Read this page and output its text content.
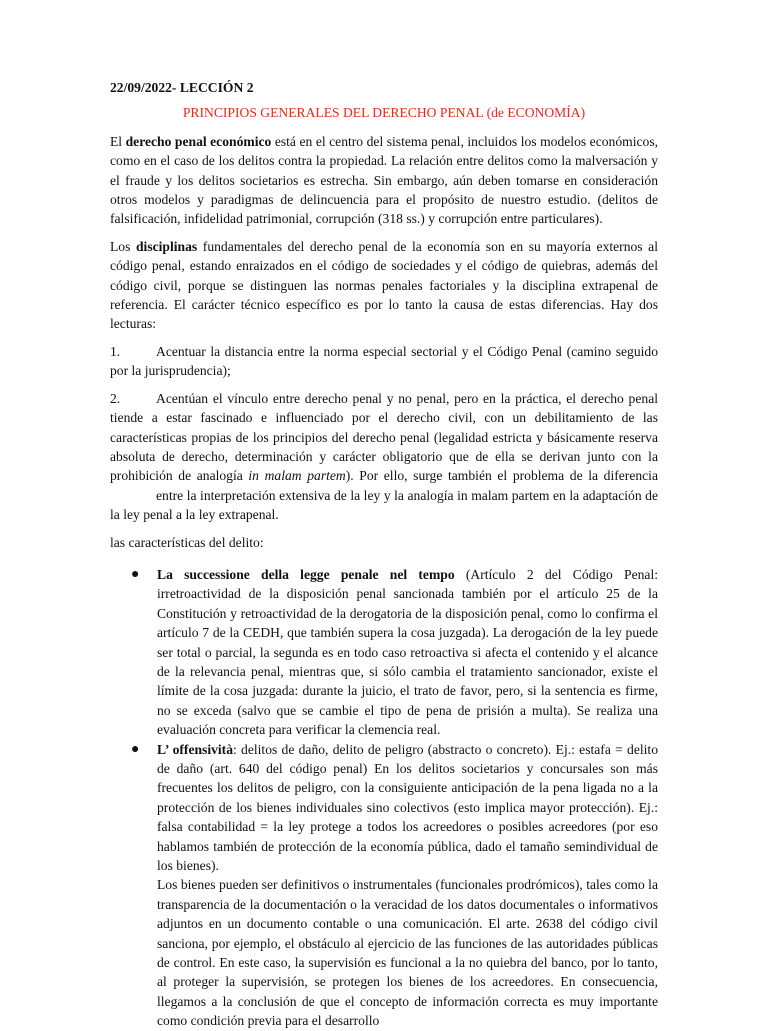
22/09/2022- LECCIÓN 2
PRINCIPIOS GENERALES DEL DERECHO PENAL (de ECONOMÍA)

El derecho penal económico está en el centro del sistema penal, incluidos los modelos económicos, como en el caso de los delitos contra la propiedad. La relación entre delitos como la malversación y el fraude y los delitos societarios es estrecha. Sin embargo, aún deben tomarse en consideración otros modelos y paradigmas de delincuencia para el propósito de nuestro estudio. (delitos de falsificación, infidelidad patrimonial, corrupción (318 ss.) y corrupción entre particulares).

Los disciplinas fundamentales del derecho penal de la economía son en su mayoría externos al código penal, estando enraizados en el código de sociedades y el código de quiebras, además del código civil, porque se distinguen las normas penales factoriales y la disciplina extrapenal de referencia. El carácter técnico específico es por lo tanto la causa de estas diferencias. Hay dos lecturas:

1.	Acentuar la distancia entre la norma especial sectorial y el Código Penal (camino seguido por la jurisprudencia);

2.	Acentúan el vínculo entre derecho penal y no penal, pero en la práctica, el derecho penal tiende a estar fascinado e influenciado por el derecho civil, con un debilitamiento de las características propias de los principios del derecho penal (legalidad estricta y básicamente reserva absoluta de derecho, determinación y carácter obligatorio que de ella se derivan junto con la prohibición de analogía in malam partem). Por ello, surge también el problema de la diferenciaentre la interpretación extensiva de la ley y la analogía in malam partem en la adaptación de la ley penal a la ley extrapenal.

las características del delito:

● La successione della legge penale nel tempo (Artículo 2 del Código Penal: irretroactividad de la disposición penal sancionada también por el artículo 25 de la Constitución y retroactividad de la derogatoria de la disposición penal, como lo confirma el artículo 7 de la CEDH, que también supera la cosa juzgada). La derogación de la ley puede ser total o parcial, la segunda es en todo caso retroactiva si afecta el contenido y el alcance de la relevancia penal, mientras que, si sólo cambia el tratamiento sancionador, existe el límite de la cosa juzgada: durante la juicio, el trato de favor, pero, si la sentencia es firme, no se exceda (salvo que se cambie el tipo de pena de prisión a multa). Se realiza una evaluación concreta para verificar la clemencia real.
● L’ offensività: delitos de daño, delito de peligro (abstracto o concreto). Ej.: estafa = delito de daño (art. 640 del código penal) En los delitos societarios y concursales son más frecuentes los delitos de peligro, con la consiguiente anticipación de la pena ligada no a la protección de los bienes individuales sino colectivos (esto implica mayor protección). Ej.: falsa contabilidad = la ley protege a todos los acreedores o posibles acreedores (por eso hablamos también de protección de la economía pública, dado el tamaño semindividual de los bienes).
Los bienes pueden ser definitivos o instrumentales (funcionales prodrómicos), tales como la transparencia de la documentación o la veracidad de los datos documentales o informativos adjuntos en un documento contable o una comunicación. El arte. 2638 del código civil sanciona, por ejemplo, el obstáculo al ejercicio de las funciones de las autoridades públicas de control. En este caso, la supervisión es funcional a la no quiebra del banco, por lo tanto, al proteger la supervisión, se protegen los bienes de los acreedores. En consecuencia, llegamos a la conclusión de que el concepto de información correcta es muy importante como condición previa para el desarrollo
